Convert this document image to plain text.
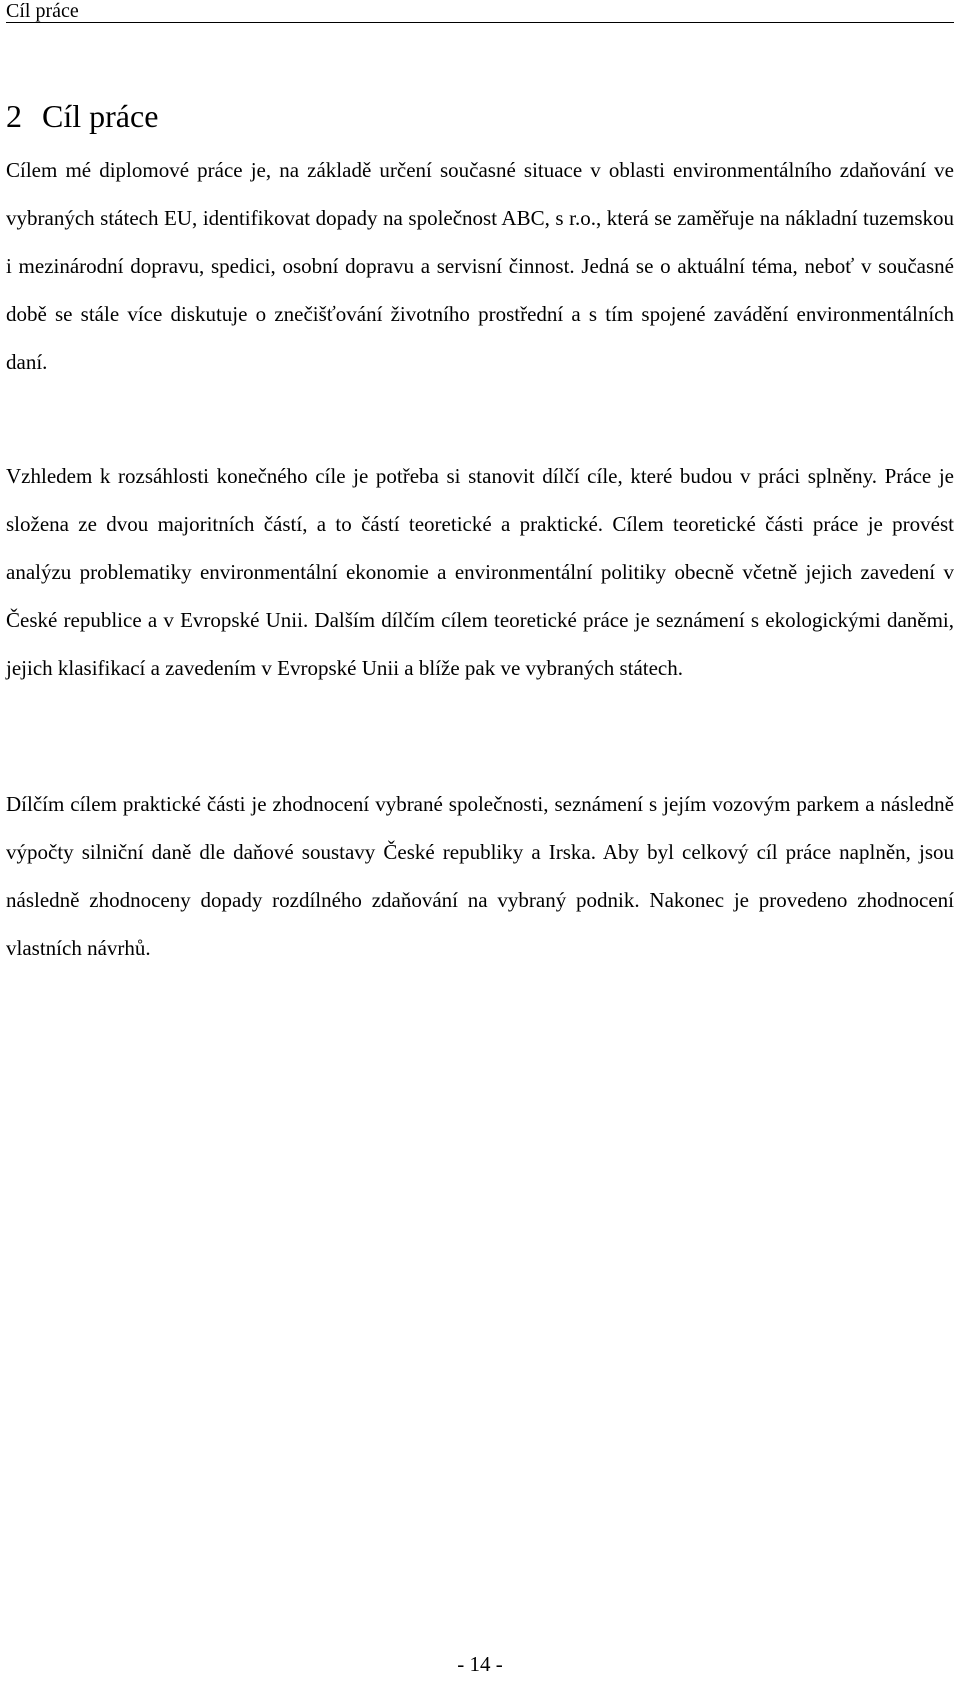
Cíl práce
2 Cíl práce

Cílem mé diplomové práce je, na základě určení současné situace v oblasti environmentálního zdaňování ve vybraných státech EU, identifikovat dopady na společnost ABC, s r.o., která se zaměřuje na nákladní tuzemskou i mezinárodní dopravu, spedici, osobní dopravu a servisní činnost. Jedná se o aktuální téma, neboť v současné době se stále více diskutuje o znečišťování životního prostřední a s tím spojené zavádění environmentálních daní.

Vzhledem k rozsáhlosti konečného cíle je potřeba si stanovit dílčí cíle, které budou v práci splněny. Práce je složena ze dvou majoritních částí, a to částí teoretické a praktické. Cílem teoretické části práce je provést analýzu problematiky environmentální ekonomie a environmentální politiky obecně včetně jejich zavedení v České republice a v Evropské Unii. Dalším dílčím cílem teoretické práce je seznámení s ekologickými daněmi, jejich klasifikací a zavedením v Evropské Unii a blíže pak ve vybraných státech.

Dílčím cílem praktické části je zhodnocení vybrané společnosti, seznámení s jejím vozovým parkem a následně výpočty silniční daně dle daňové soustavy České republiky a Irska. Aby byl celkový cíl práce naplněn, jsou následně zhodnoceny dopady rozdílného zdaňování na vybraný podnik. Nakonec je provedeno zhodnocení vlastních návrhů.

- 14 -
